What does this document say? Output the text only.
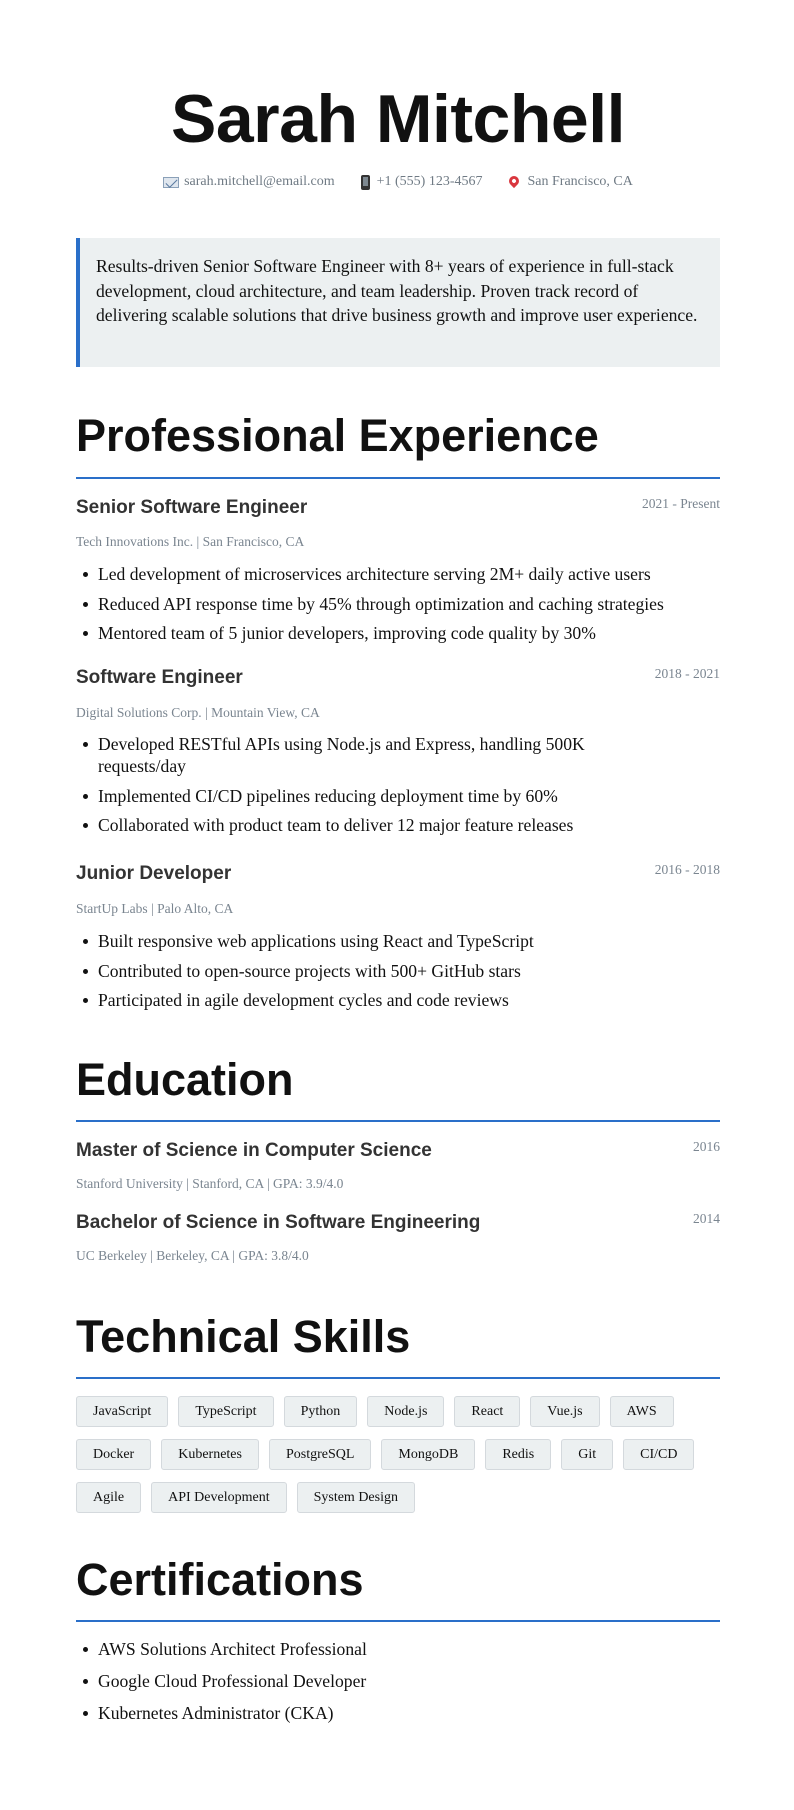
Sarah Mitchell
sarah.mitchell@email.com	+1 (555) 123-4567	San Francisco, CA
Results-driven Senior Software Engineer with 8+ years of experience in full-stack development, cloud architecture, and team leadership. Proven track record of delivering scalable solutions that drive business growth and improve user experience.
Professional Experience
Senior Software Engineer	2021 - Present
Tech Innovations Inc. | San Francisco, CA
Led development of microservices architecture serving 2M+ daily active users
Reduced API response time by 45% through optimization and caching strategies
Mentored team of 5 junior developers, improving code quality by 30%
Software Engineer	2018 - 2021
Digital Solutions Corp. | Mountain View, CA
Developed RESTful APIs using Node.js and Express, handling 500K requests/day
Implemented CI/CD pipelines reducing deployment time by 60%
Collaborated with product team to deliver 12 major feature releases
Junior Developer	2016 - 2018
StartUp Labs | Palo Alto, CA
Built responsive web applications using React and TypeScript
Contributed to open-source projects with 500+ GitHub stars
Participated in agile development cycles and code reviews
Education
Master of Science in Computer Science	2016
Stanford University | Stanford, CA | GPA: 3.9/4.0
Bachelor of Science in Software Engineering	2014
UC Berkeley | Berkeley, CA | GPA: 3.8/4.0
Technical Skills
JavaScript	TypeScript	Python	Node.js	React	Vue.js	AWS
Docker	Kubernetes	PostgreSQL	MongoDB	Redis	Git	CI/CD
Agile	API Development	System Design
Certifications
AWS Solutions Architect Professional
Google Cloud Professional Developer
Kubernetes Administrator (CKA)
